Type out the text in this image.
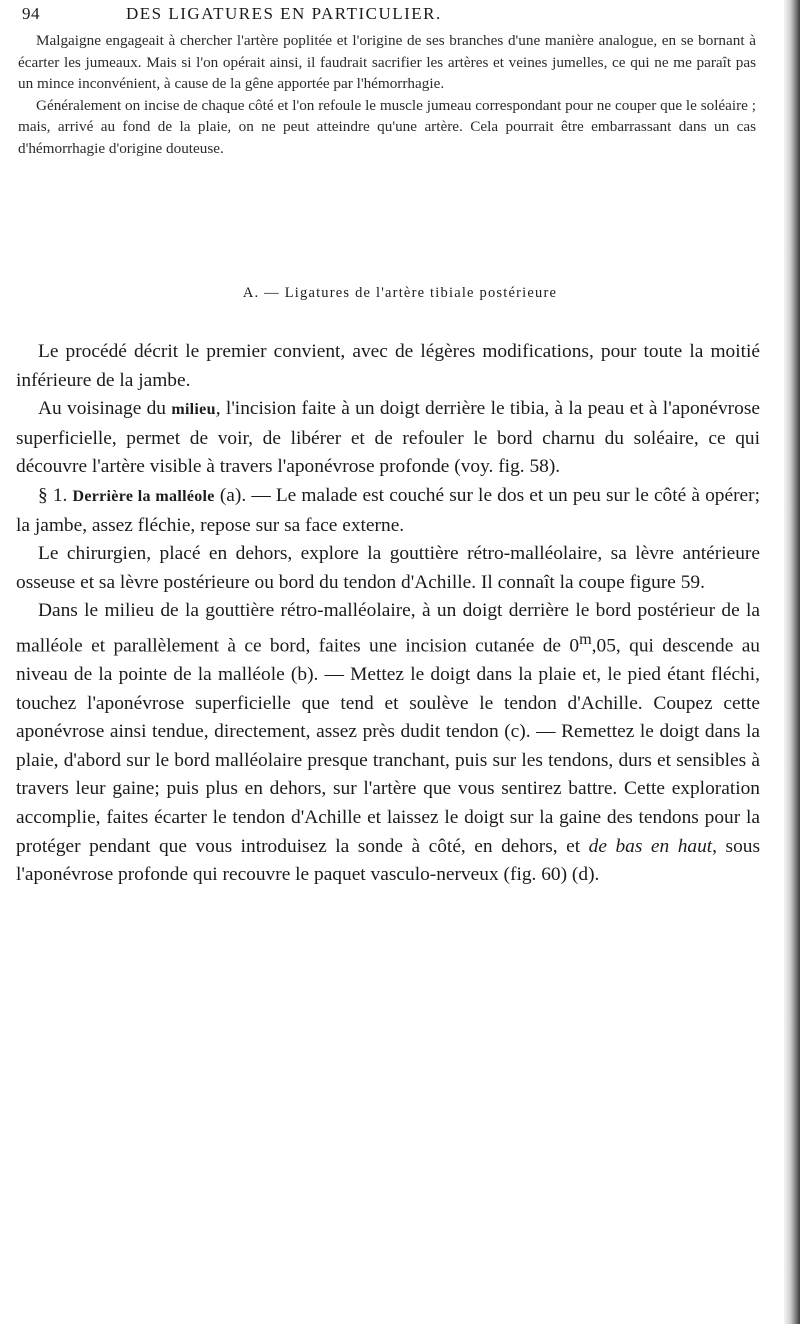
94	DES LIGATURES EN PARTICULIER.

Malgaigne engageait à chercher l'artère poplitée et l'origine de ses branches d'une manière analogue, en se bornant à écarter les jumeaux. Mais si l'on opérait ainsi, il faudrait sacrifier les artères et veines jumelles, ce qui ne me paraît pas un mince inconvénient, à cause de la gêne apportée par l'hémorrhagie.

Généralement on incise de chaque côté et l'on refoule le muscle jumeau correspondant pour ne couper que le soléaire ; mais, arrivé au fond de la plaie, on ne peut atteindre qu'une artère. Cela pourrait être embarrassant dans un cas d'hémorrhagie d'origine douteuse.

A. — Ligatures de l'artère tibiale postérieure

Le procédé décrit le premier convient, avec de légères modifications, pour toute la moitié inférieure de la jambe.

Au voisinage du milieu, l'incision faite à un doigt derrière le tibia, à la peau et à l'aponévrose superficielle, permet de voir, de libérer et de refouler le bord charnu du soléaire, ce qui découvre l'artère visible à travers l'aponévrose profonde (voy. fig. 58).

§ 1. Derrière la malléole (a). — Le malade est couché sur le dos et un peu sur le côté à opérer; la jambe, assez fléchie, repose sur sa face externe.

Le chirurgien, placé en dehors, explore la gouttière rétro-malléolaire, sa lèvre antérieure osseuse et sa lèvre postérieure ou bord du tendon d'Achille. Il connaît la coupe figure 59.

Dans le milieu de la gouttière rétro-malléolaire, à un doigt derrière le bord postérieur de la malléole et parallèlement à ce bord, faites une incision cutanée de 0$^m$,05, qui descende au niveau de la pointe de la malléole (b). — Mettez le doigt dans la plaie et, le pied étant fléchi, touchez l'aponévrose superficielle que tend et soulève le tendon d'Achille. Coupez cette aponévrose ainsi tendue, directement, assez près dudit tendon (c). — Remettez le doigt dans la plaie, d'abord sur le bord malléolaire presque tranchant, puis sur les tendons, durs et sensibles à travers leur gaine; puis plus en dehors, sur l'artère que vous sentirez battre. Cette exploration accomplie, faites écarter le tendon d'Achille et laissez le doigt sur la gaine des tendons pour la protéger pendant que vous introduisez la sonde à côté, en dehors, et de bas en haut, sous l'aponévrose profonde qui recouvre le paquet vasculo-nerveux (fig. 60) (d).
